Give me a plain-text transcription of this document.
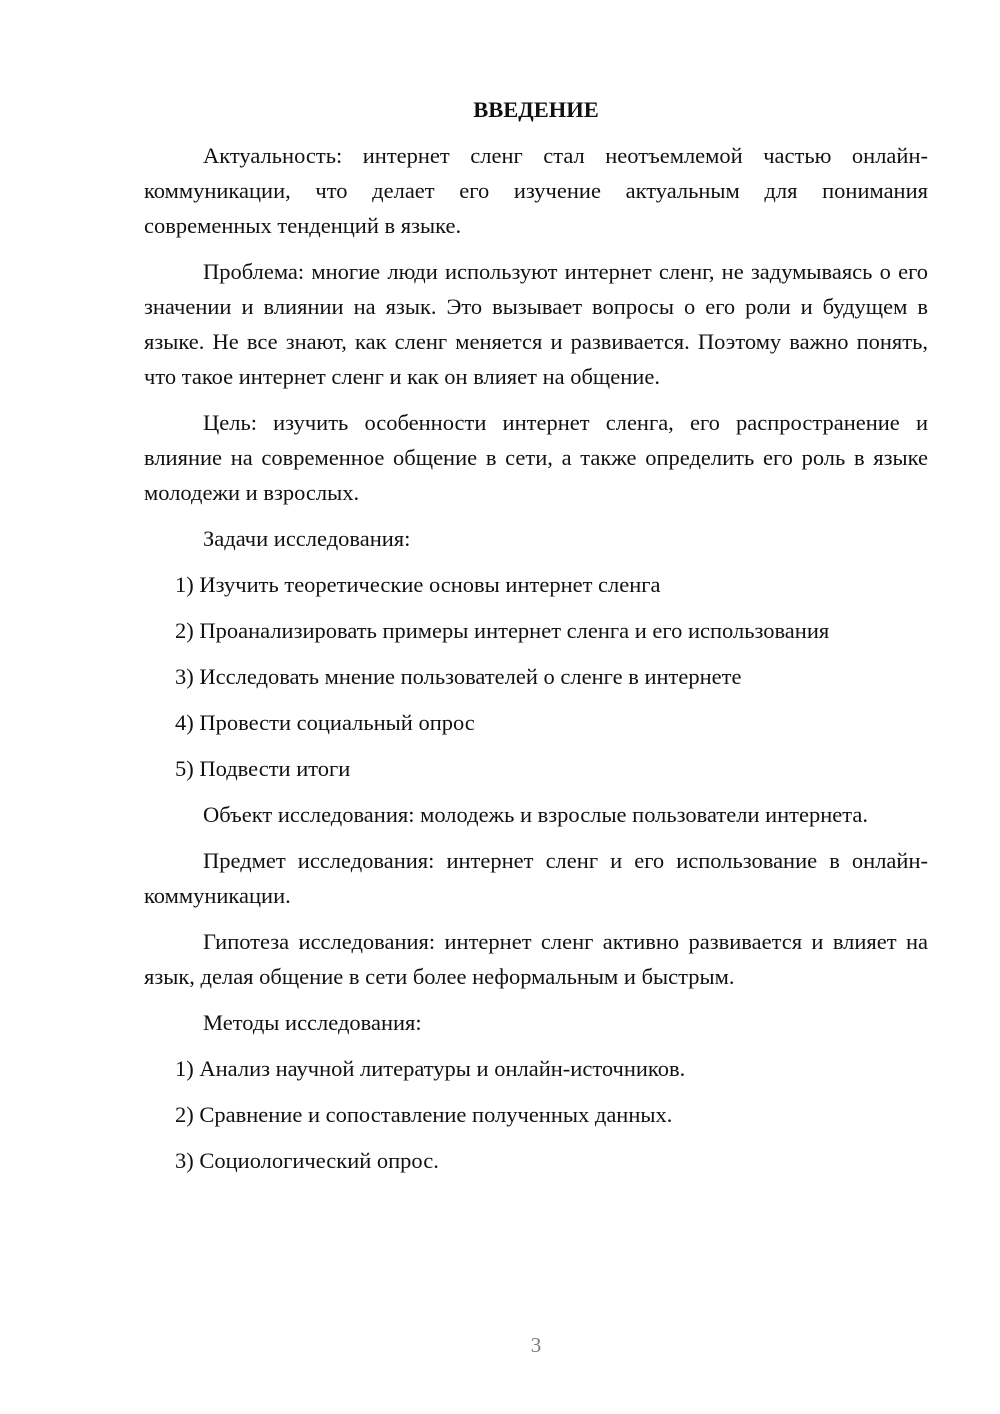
ВВЕДЕНИЕ

Актуальность: интернет сленг стал неотъемлемой частью онлайн-коммуникации, что делает его изучение актуальным для понимания современных тенденций в языке.

Проблема: многие люди используют интернет сленг, не задумываясь о его значении и влиянии на язык. Это вызывает вопросы о его роли и будущем в языке. Не все знают, как сленг меняется и развивается. Поэтому важно понять, что такое интернет сленг и как он влияет на общение.

Цель: изучить особенности интернет сленга, его распространение и влияние на современное общение в сети, а также определить его роль в языке молодежи и взрослых.

Задачи исследования:

1) Изучить теоретические основы интернет сленга
2) Проанализировать примеры интернет сленга и его использования
3) Исследовать мнение пользователей о сленге в интернете
4) Провести социальный опрос
5) Подвести итоги

Объект исследования: молодежь и взрослые пользователи интернета.

Предмет исследования: интернет сленг и его использование в онлайн-коммуникации.

Гипотеза исследования: интернет сленг активно развивается и влияет на язык, делая общение в сети более неформальным и быстрым.

Методы исследования:

1) Анализ научной литературы и онлайн-источников.
2) Сравнение и сопоставление полученных данных.
3) Социологический опрос.
3
